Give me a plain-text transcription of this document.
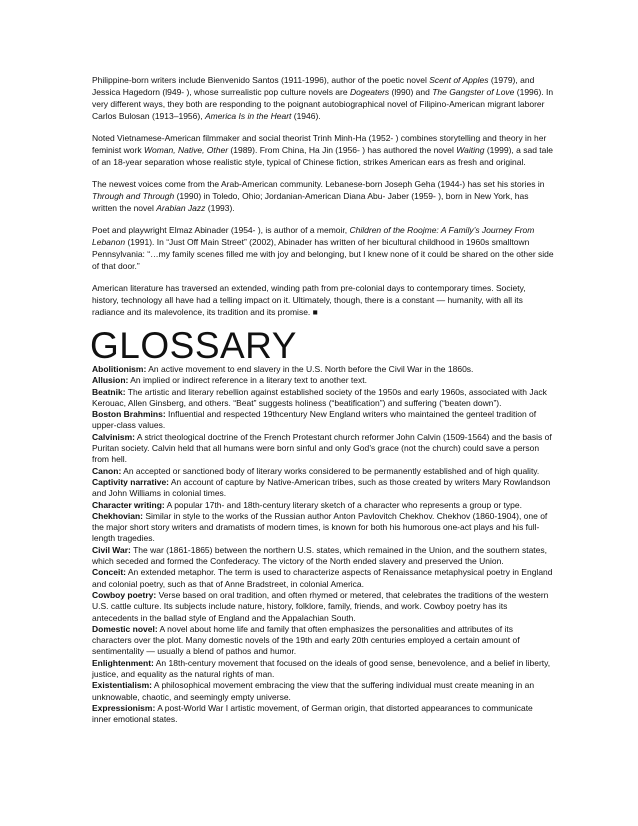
Philippine-born writers include Bienvenido Santos (1911-1996), author of the poetic novel Scent of Apples (1979), and Jessica Hagedorn (l949- ), whose surrealistic pop culture novels are Dogeaters (l990) and The Gangster of Love (1996). In very different ways, they both are responding to the poignant autobiographical novel of Filipino-American migrant laborer Carlos Bulosan (1913–1956), America Is in the Heart (1946).

Noted Vietnamese-American filmmaker and social theorist Trinh Minh-Ha (1952- ) combines storytelling and theory in her feminist work Woman, Native, Other (1989). From China, Ha Jin (1956- ) has authored the novel Waiting (1999), a sad tale of an 18-year separation whose realistic style, typical of Chinese fiction, strikes American ears as fresh and original.

The newest voices come from the Arab-American community. Lebanese-born Joseph Geha (1944-) has set his stories in Through and Through (1990) in Toledo, Ohio; Jordanian-American Diana Abu- Jaber (1959- ), born in New York, has written the novel Arabian Jazz (1993).

Poet and playwright Elmaz Abinader (1954- ), is author of a memoir, Children of the Roojme: A Family’s Journey From Lebanon (1991). In “Just Off Main Street” (2002), Abinader has written of her bicultural childhood in 1960s smalltown Pennsylvania: “…my family scenes filled me with joy and belonging, but I knew none of it could be shared on the other side of that door.”

American literature has traversed an extended, winding path from pre-colonial days to contemporary times. Society, history, technology all have had a telling impact on it. Ultimately, though, there is a constant — humanity, with all its radiance and its malevolence, its tradition and its promise. ■

GLOSSARY

Abolitionism: An active movement to end slavery in the U.S. North before the Civil War in the 1860s.

Allusion: An implied or indirect reference in a literary text to another text.

Beatnik: The artistic and literary rebellion against established society of the 1950s and early 1960s, associated with Jack Kerouac, Allen Ginsberg, and others. “Beat” suggests holiness (“beatification”) and suffering (“beaten down”).

Boston Brahmins: Influential and respected 19thcentury New England writers who maintained the genteel tradition of upper-class values.

Calvinism: A strict theological doctrine of the French Protestant church reformer John Calvin (1509-1564) and the basis of Puritan society. Calvin held that all humans were born sinful and only God’s grace (not the church) could save a person from hell.

Canon: An accepted or sanctioned body of literary works considered to be permanently established and of high quality.

Captivity narrative: An account of capture by Native-American tribes, such as those created by writers Mary Rowlandson and John Williams in colonial times.

Character writing: A popular 17th- and 18th-century literary sketch of a character who represents a group or type.

Chekhovian: Similar in style to the works of the Russian author Anton Pavlovitch Chekhov. Chekhov (1860-1904), one of the major short story writers and dramatists of modern times, is known for both his humorous one-act plays and his full-length tragedies.

Civil War: The war (1861-1865) between the northern U.S. states, which remained in the Union, and the southern states, which seceded and formed the Confederacy. The victory of the North ended slavery and preserved the Union.

Conceit: An extended metaphor. The term is used to characterize aspects of Renaissance metaphysical poetry in England and colonial poetry, such as that of Anne Bradstreet, in colonial America.

Cowboy poetry: Verse based on oral tradition, and often rhymed or metered, that celebrates the traditions of the western U.S. cattle culture. Its subjects include nature, history, folklore, family, friends, and work. Cowboy poetry has its antecedents in the ballad style of England and the Appalachian South.

Domestic novel: A novel about home life and family that often emphasizes the personalities and attributes of its characters over the plot. Many domestic novels of the 19th and early 20th centuries employed a certain amount of sentimentality — usually a blend of pathos and humor.

Enlightenment: An 18th-century movement that focused on the ideals of good sense, benevolence, and a belief in liberty, justice, and equality as the natural rights of man.

Existentialism: A philosophical movement embracing the view that the suffering individual must create meaning in an unknowable, chaotic, and seemingly empty universe.

Expressionism: A post-World War I artistic movement, of German origin, that distorted appearances to communicate inner emotional states.
